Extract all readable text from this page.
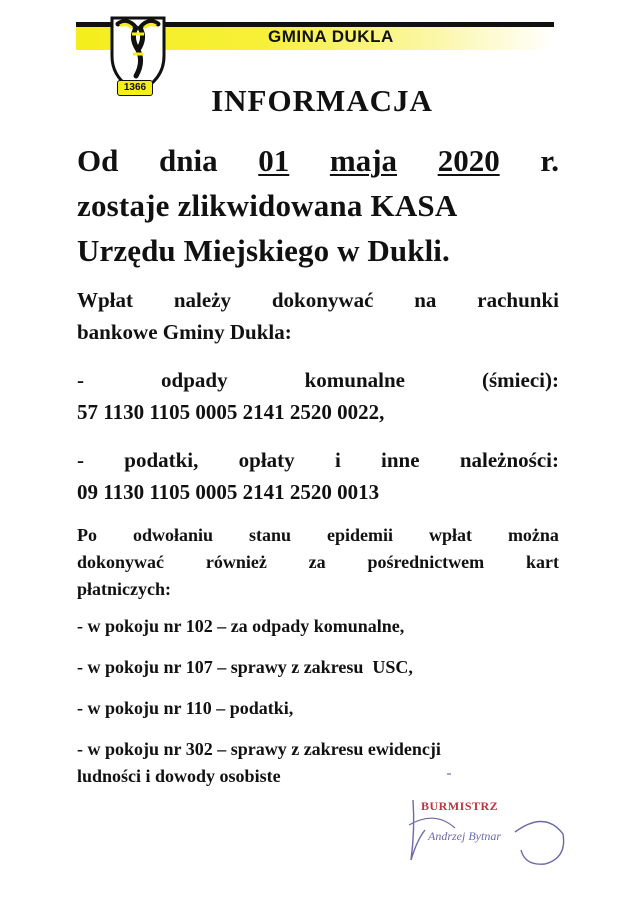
GMINA DUKLA
1366	INFORMACJA
Od dnia 01 maja 2020 r.
zostaje zlikwidowana KASA
Urzędu Miejskiego w Dukli.
Wpłat należy dokonywać na rachunki
bankowe Gminy Dukla:
-	odpady	komunalne	(śmieci):
57 1130 1105 0005 2141 2520 0022,
- podatki, opłaty i inne należności:
09 1130 1105 0005 2141 2520 0013
Po odwołaniu stanu epidemii wpłat można
dokonywać również za pośrednictwem kart
płatniczych:
- w pokoju nr 102 – za odpady komunalne,
- w pokoju nr 107 – sprawy z zakresu  USC,
- w pokoju nr 110 – podatki,
- w pokoju nr 302 – sprawy z zakresu ewidencji
ludności i dowody osobiste
BURMISTRZ
Andrzej Bytnar
